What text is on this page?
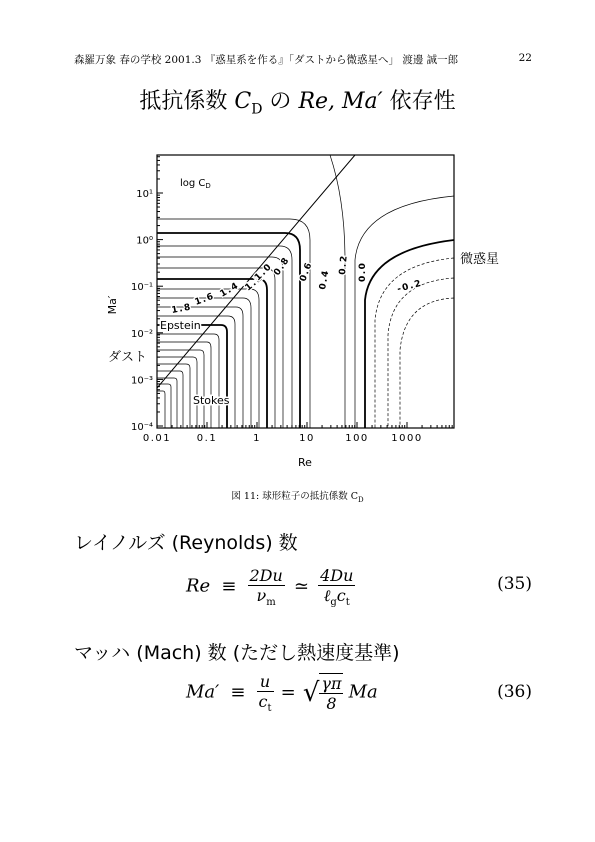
森羅万象 春の学校 2001.3 『惑星系を作る』「ダストから微惑星へ」 渡邊 誠一郎	22
抵抗係数 $C_D$ の Re, Ma′ 依存性
1.8
1.6
1.4 1.2
1.0
0.8 0.6 0.4
0.2 0.0
-0.2
$\log C_D$
Epstein
Stokes
微惑星
ダスト
0.01	0.1	1	10	100 1000
10⁻⁴
10⁻³
10⁻²
10⁻¹
10⁰
10¹
Re
Ma′
図 11: 球形粒子の抵抗係数 $C_D$
レイノルズ (Reynolds) 数
$Re \equiv \frac{2Du}{\nu_m}$ ≃ $\frac{4Du}{\ell_gc_t}$	(35)
マッハ (Mach) 数 (ただし熱速度基準)
$Ma' \equiv \frac{u}{c_t}$ = √ $\frac{\gamma\pi}{8}$ Ma	(36)
